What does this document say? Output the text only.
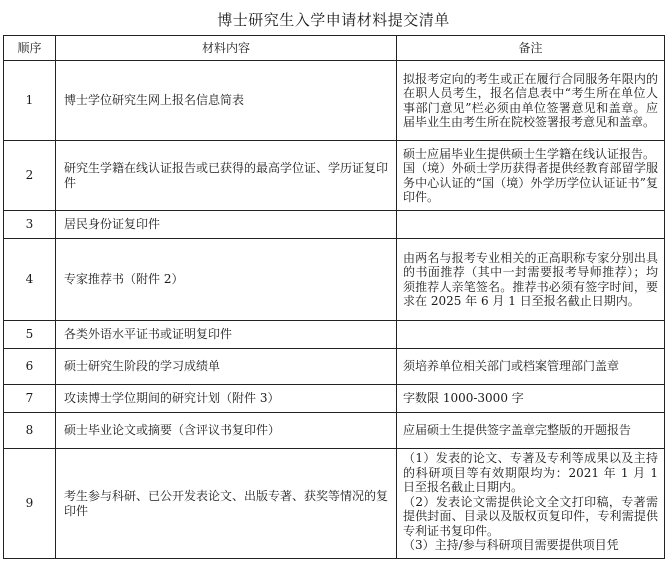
博士研究生入学申请材料提交清单
顺序	材料内容	备注
1	博士学位研究生网上报名信息简表	拟报考定向的考生或正在履行合同服务年限内的在职人员考生，报名信息表中“考生所在单位人事部门意见”栏必须由单位签署意见和盖章。应届毕业生由考生所在院校签署报考意见和盖章。

2	研究生学籍在线认证报告或已获得的最高学位证、学历证复印件	硕士应届毕业生提供硕士生学籍在线认证报告。
国（境）外硕士学历获得者提供经教育部留学服务中心认证的“国（境）外学历学位认证证书”复印件。

3	居民身份证复印件	
4	专家推荐书（附件 2）	由两名与报考专业相关的正高职称专家分别出具的书面推荐（其中一封需要报考导师推荐）；均须推荐人亲笔签名。推荐书必须有签字时间，要求在 2025 年 6 月 1 日至报名截止日期内。

5	各类外语水平证书或证明复印件	
6	硕士研究生阶段的学习成绩单	须培养单位相关部门或档案管理部门盖章

7	攻读博士学位期间的研究计划（附件 3）	字数限 1000-3000 字

8	硕士毕业论文或摘要（含评议书复印件）	应届硕士生提供签字盖章完整版的开题报告

9	考生参与科研、已公开发表论文、出版专著、获奖等情况的复印件	（1）发表的论文、专著及专利等成果以及主持的科研项目等有效期限均为：2021 年 1 月 1 日至报名截止日期内。
（2）发表论文需提供论文全文打印稿，专著需提供封面、目录以及版权页复印件，专利需提供专利证书复印件。
（3）主持/参与科研项目需要提供项目凭
